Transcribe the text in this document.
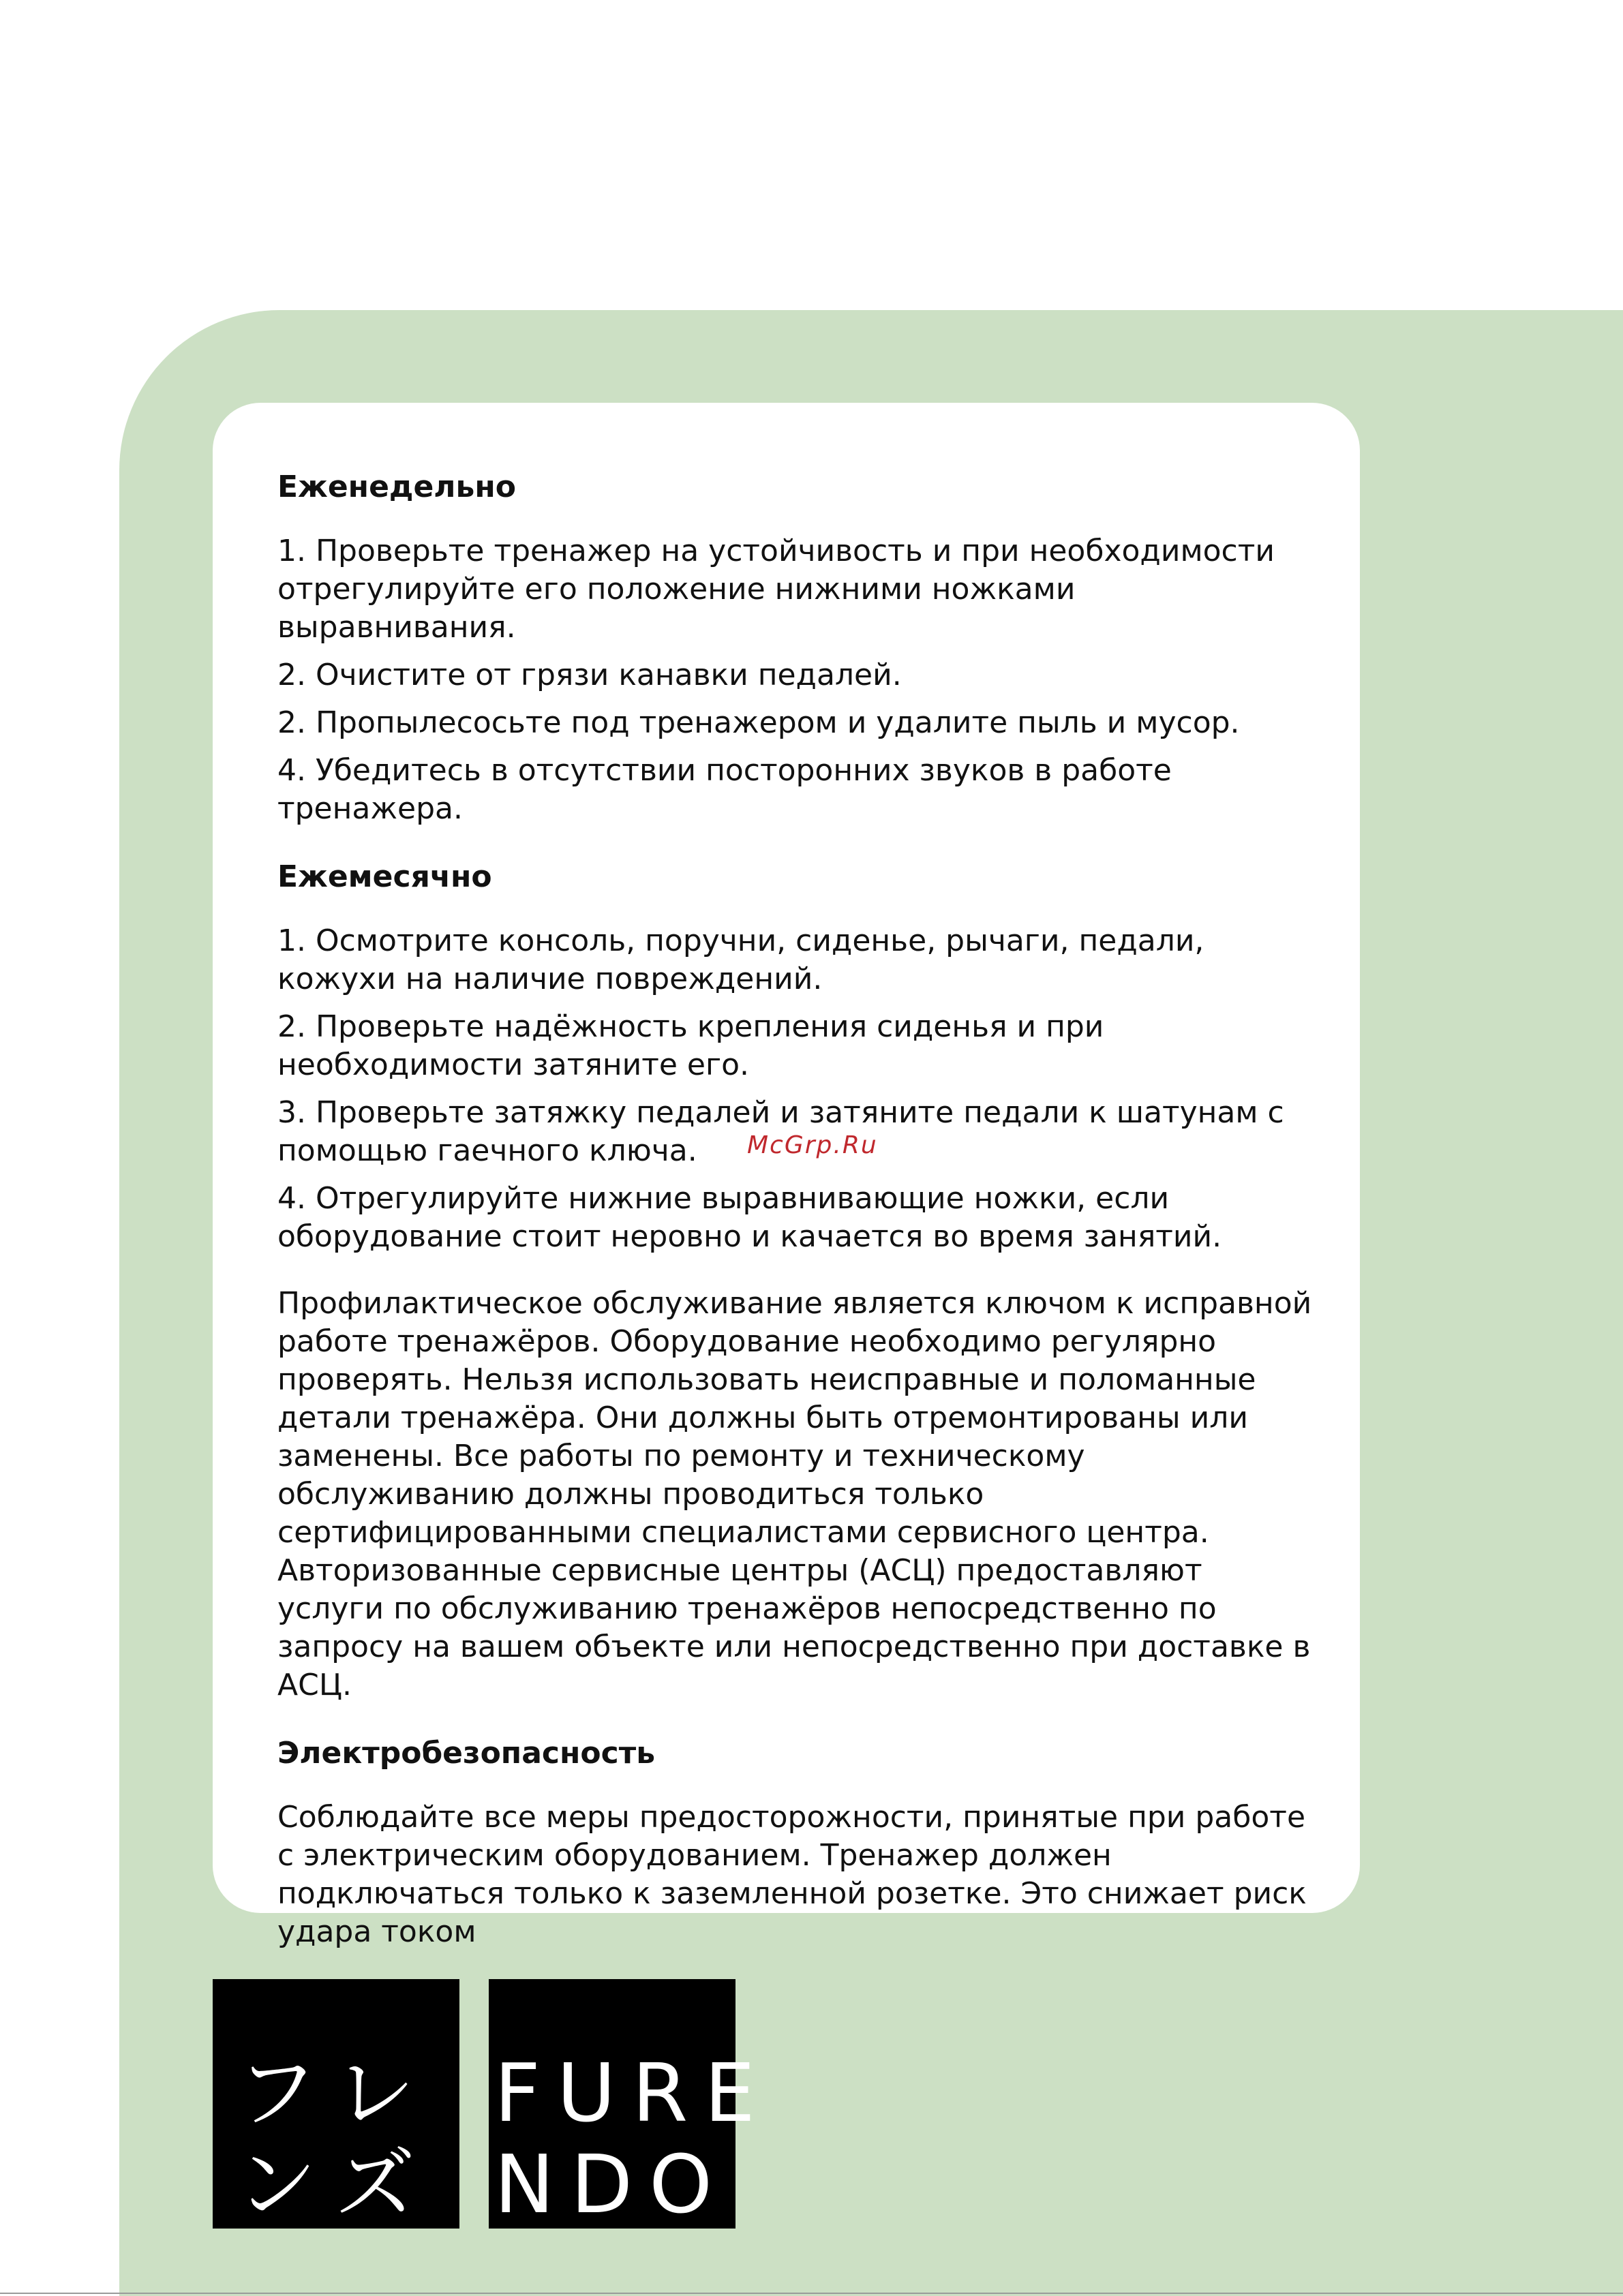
Еженедельно
1. Проверьте тренажер на устойчивость и при необходимости отрегулируйте его положение нижними ножками выравнивания.
2. Очистите от грязи канавки педалей.
2. Пропылесосьте под тренажером и удалите пыль и мусор.
4. Убедитесь в отсутствии посторонних звуков в работе тренажера.
Ежемесячно
1. Осмотрите консоль, поручни, сиденье, рычаги, педали, кожухи на наличие повреждений.
2. Проверьте надёжность крепления сиденья и при необходимости затяните его.
3. Проверьте затяжку педалей и затяните педали к шатунам с помощью гаечного ключа.
4. Отрегулируйте нижние выравнивающие ножки, если оборудование стоит неровно и качается во время занятий.
Профилактическое обслуживание является ключом к исправной работе тренажёров. Оборудование необходимо регулярно проверять. Нельзя использовать неисправные и поломанные детали тренажёра. Они должны быть отремонтированы или заменены. Все работы по ремонту и техническому обслуживанию должны проводиться только сертифицированными специалистами сервисного центра. Авторизованные сервисные центры (АСЦ) предоставляют услуги по обслуживанию тренажёров непосредственно по запросу на вашем объекте или непосредственно при доставке в АСЦ.
Электробезопасность
Соблюдайте все меры предосторожности, принятые при работе с электрическим оборудованием. Тренажер должен подключаться только к заземленной розетке. Это снижает риск удара током
McGrp.Ru
フレ
ンズ
FURE
NDO
